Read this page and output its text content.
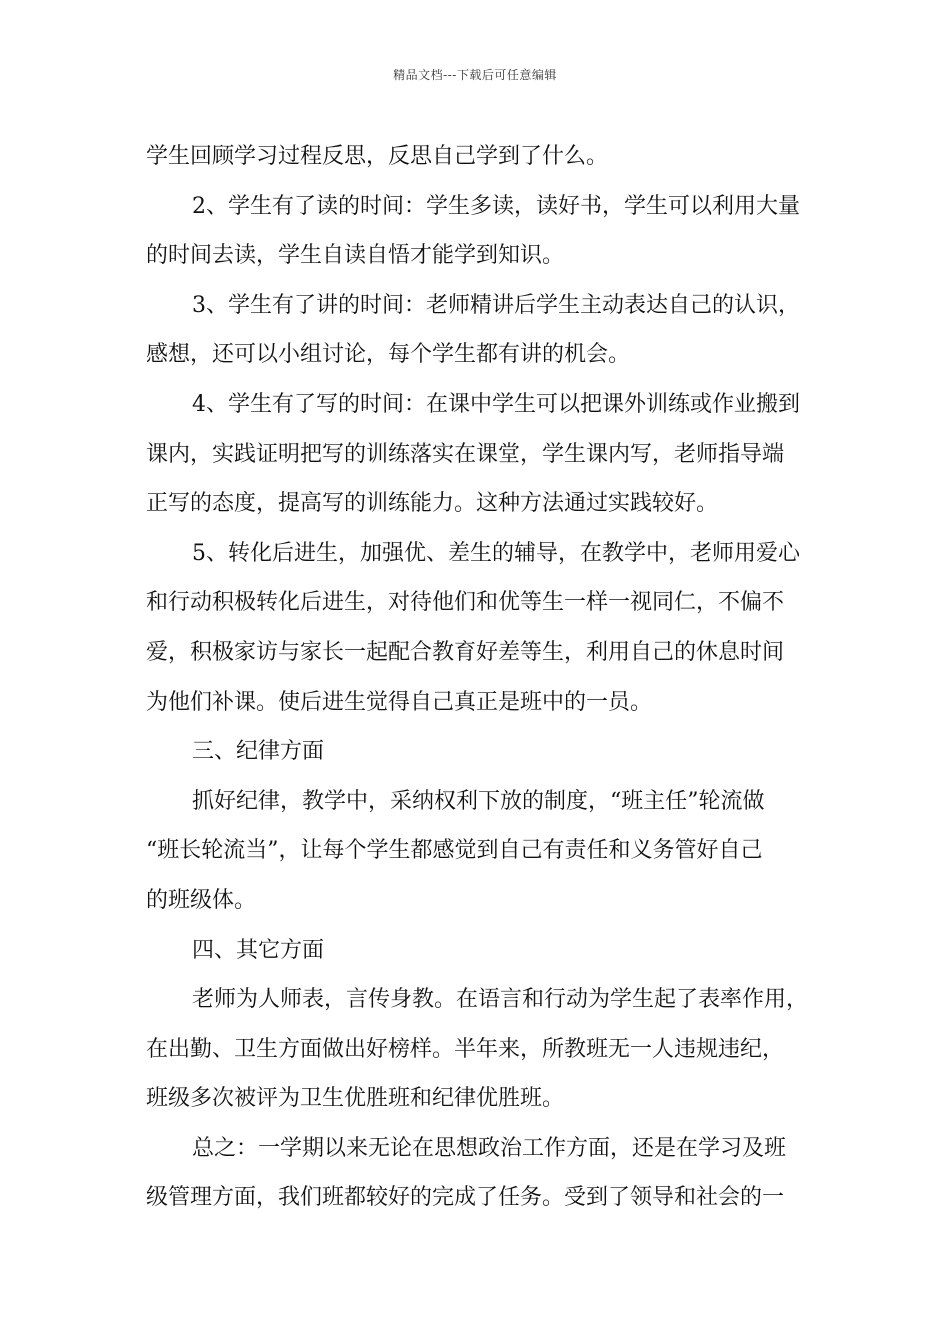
精品文档---下载后可任意编辑
学生回顾学习过程反思，反思自己学到了什么。
2、学生有了读的时间：学生多读，读好书，学生可以利用大量
的时间去读，学生自读自悟才能学到知识。
3、学生有了讲的时间：老师精讲后学生主动表达自己的认识，
感想，还可以小组讨论，每个学生都有讲的机会。
4、学生有了写的时间：在课中学生可以把课外训练或作业搬到
课内，实践证明把写的训练落实在课堂，学生课内写，老师指导端
正写的态度，提高写的训练能力。这种方法通过实践较好。
5、转化后进生，加强优、差生的辅导，在教学中，老师用爱心
和行动积极转化后进生，对待他们和优等生一样一视同仁，不偏不
爱，积极家访与家长一起配合教育好差等生，利用自己的休息时间
为他们补课。使后进生觉得自己真正是班中的一员。
三、纪律方面
抓好纪律，教学中，采纳权利下放的制度，“班主任”轮流做
“班长轮流当”，让每个学生都感觉到自己有责任和义务管好自己
的班级体。
四、其它方面
老师为人师表，言传身教。在语言和行动为学生起了表率作用，
在出勤、卫生方面做出好榜样。半年来，所教班无一人违规违纪，
班级多次被评为卫生优胜班和纪律优胜班。
总之：一学期以来无论在思想政治工作方面，还是在学习及班
级管理方面，我们班都较好的完成了任务。受到了领导和社会的一
